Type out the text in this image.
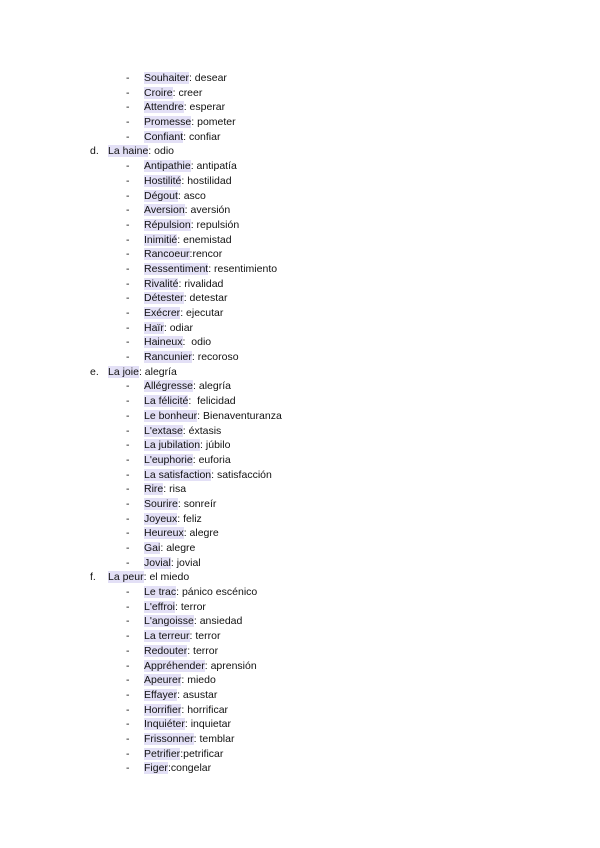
- Souhaiter: desear
- Croire: creer
- Attendre: esperar
- Promesse: pometer
- Confiant: confiar
d. La haine: odio
- Antipathie: antipatía
- Hostilité: hostilidad
- Dégout: asco
- Aversion: aversión
- Répulsion: repulsión
- Inimitié: enemistad
- Rancoeur:rencor
- Ressentiment: resentimiento
- Rivalité: rivalidad
- Détester: detestar
- Exécrer: ejecutar
- Haïr: odiar
- Haineux:  odio
- Rancunier: recoroso
e. La joie: alegría
- Allégresse: alegría
- La félicité:  felicidad
- Le bonheur: Bienaventuranza
- L'extase: éxtasis
- La jubilation: júbilo
- L'euphorie: euforia
- La satisfaction: satisfacción
- Rire: risa
- Sourire: sonreír
- Joyeux: feliz
- Heureux: alegre
- Gai: alegre
- Jovial: jovial
f. La peur: el miedo
- Le trac: pánico escénico
- L'effroi: terror
- L'angoisse: ansiedad
- La terreur: terror
- Redouter: terror
- Appréhender: aprensión
- Apeurer: miedo
- Effayer: asustar
- Horrifier: horrificar
- Inquiéter: inquietar
- Frissonner: temblar
- Petrifier:petrificar
- Figer:congelar
